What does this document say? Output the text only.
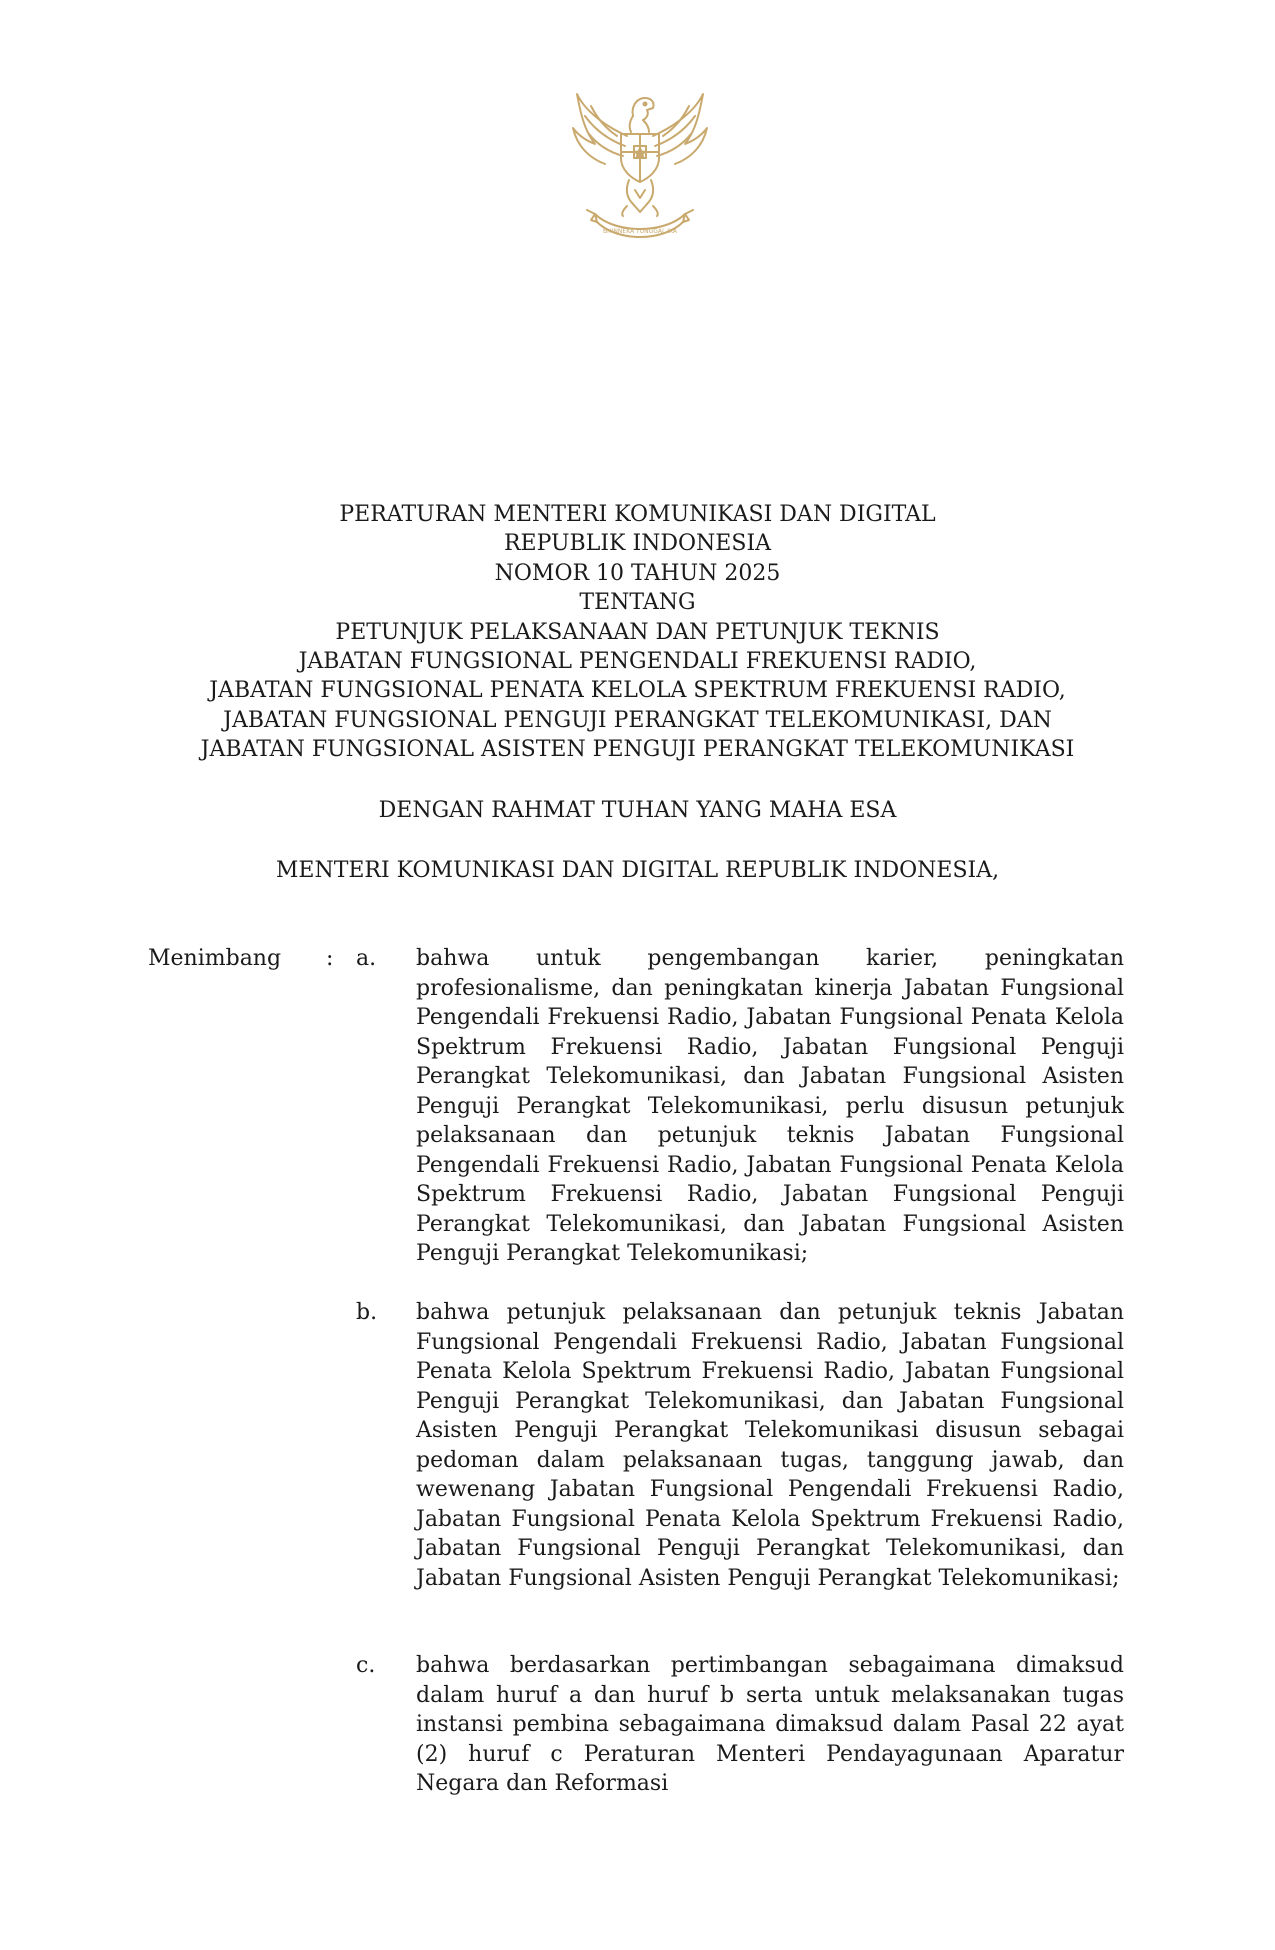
BHINNEKA TUNGGAL IKA
PERATURAN MENTERI KOMUNIKASI DAN DIGITAL
REPUBLIK INDONESIA
NOMOR 10 TAHUN 2025
TENTANG
PETUNJUK PELAKSANAAN DAN PETUNJUK TEKNIS
JABATAN FUNGSIONAL PENGENDALI FREKUENSI RADIO,
JABATAN FUNGSIONAL PENATA KELOLA SPEKTRUM FREKUENSI RADIO,
JABATAN FUNGSIONAL PENGUJI PERANGKAT TELEKOMUNIKASI, DAN
JABATAN FUNGSIONAL ASISTEN PENGUJI PERANGKAT TELEKOMUNIKASI
DENGAN RAHMAT TUHAN YANG MAHA ESA
MENTERI KOMUNIKASI DAN DIGITAL REPUBLIK INDONESIA,
Menimbang : a. bahwa untuk pengembangan karier, peningkatan profesionalisme, dan peningkatan kinerja Jabatan Fungsional Pengendali Frekuensi Radio, Jabatan Fungsional Penata Kelola Spektrum Frekuensi Radio, Jabatan Fungsional Penguji Perangkat Telekomunikasi, dan Jabatan Fungsional Asisten Penguji Perangkat Telekomunikasi, perlu disusun petunjuk pelaksanaan dan petunjuk teknis Jabatan Fungsional Pengendali Frekuensi Radio, Jabatan Fungsional Penata Kelola Spektrum Frekuensi Radio, Jabatan Fungsional Penguji Perangkat Telekomunikasi, dan Jabatan Fungsional Asisten Penguji Perangkat Telekomunikasi;
b. bahwa petunjuk pelaksanaan dan petunjuk teknis Jabatan Fungsional Pengendali Frekuensi Radio, Jabatan Fungsional Penata Kelola Spektrum Frekuensi Radio, Jabatan Fungsional Penguji Perangkat Telekomunikasi, dan Jabatan Fungsional Asisten Penguji Perangkat Telekomunikasi disusun sebagai pedoman dalam pelaksanaan tugas, tanggung jawab, dan wewenang Jabatan Fungsional Pengendali Frekuensi Radio, Jabatan Fungsional Penata Kelola Spektrum Frekuensi Radio, Jabatan Fungsional Penguji Perangkat Telekomunikasi, dan Jabatan Fungsional Asisten Penguji Perangkat Telekomunikasi;
c. bahwa berdasarkan pertimbangan sebagaimana dimaksud dalam huruf a dan huruf b serta untuk melaksanakan tugas instansi pembina sebagaimana dimaksud dalam Pasal 22 ayat (2) huruf c Peraturan Menteri Pendayagunaan Aparatur Negara dan Reformasi
